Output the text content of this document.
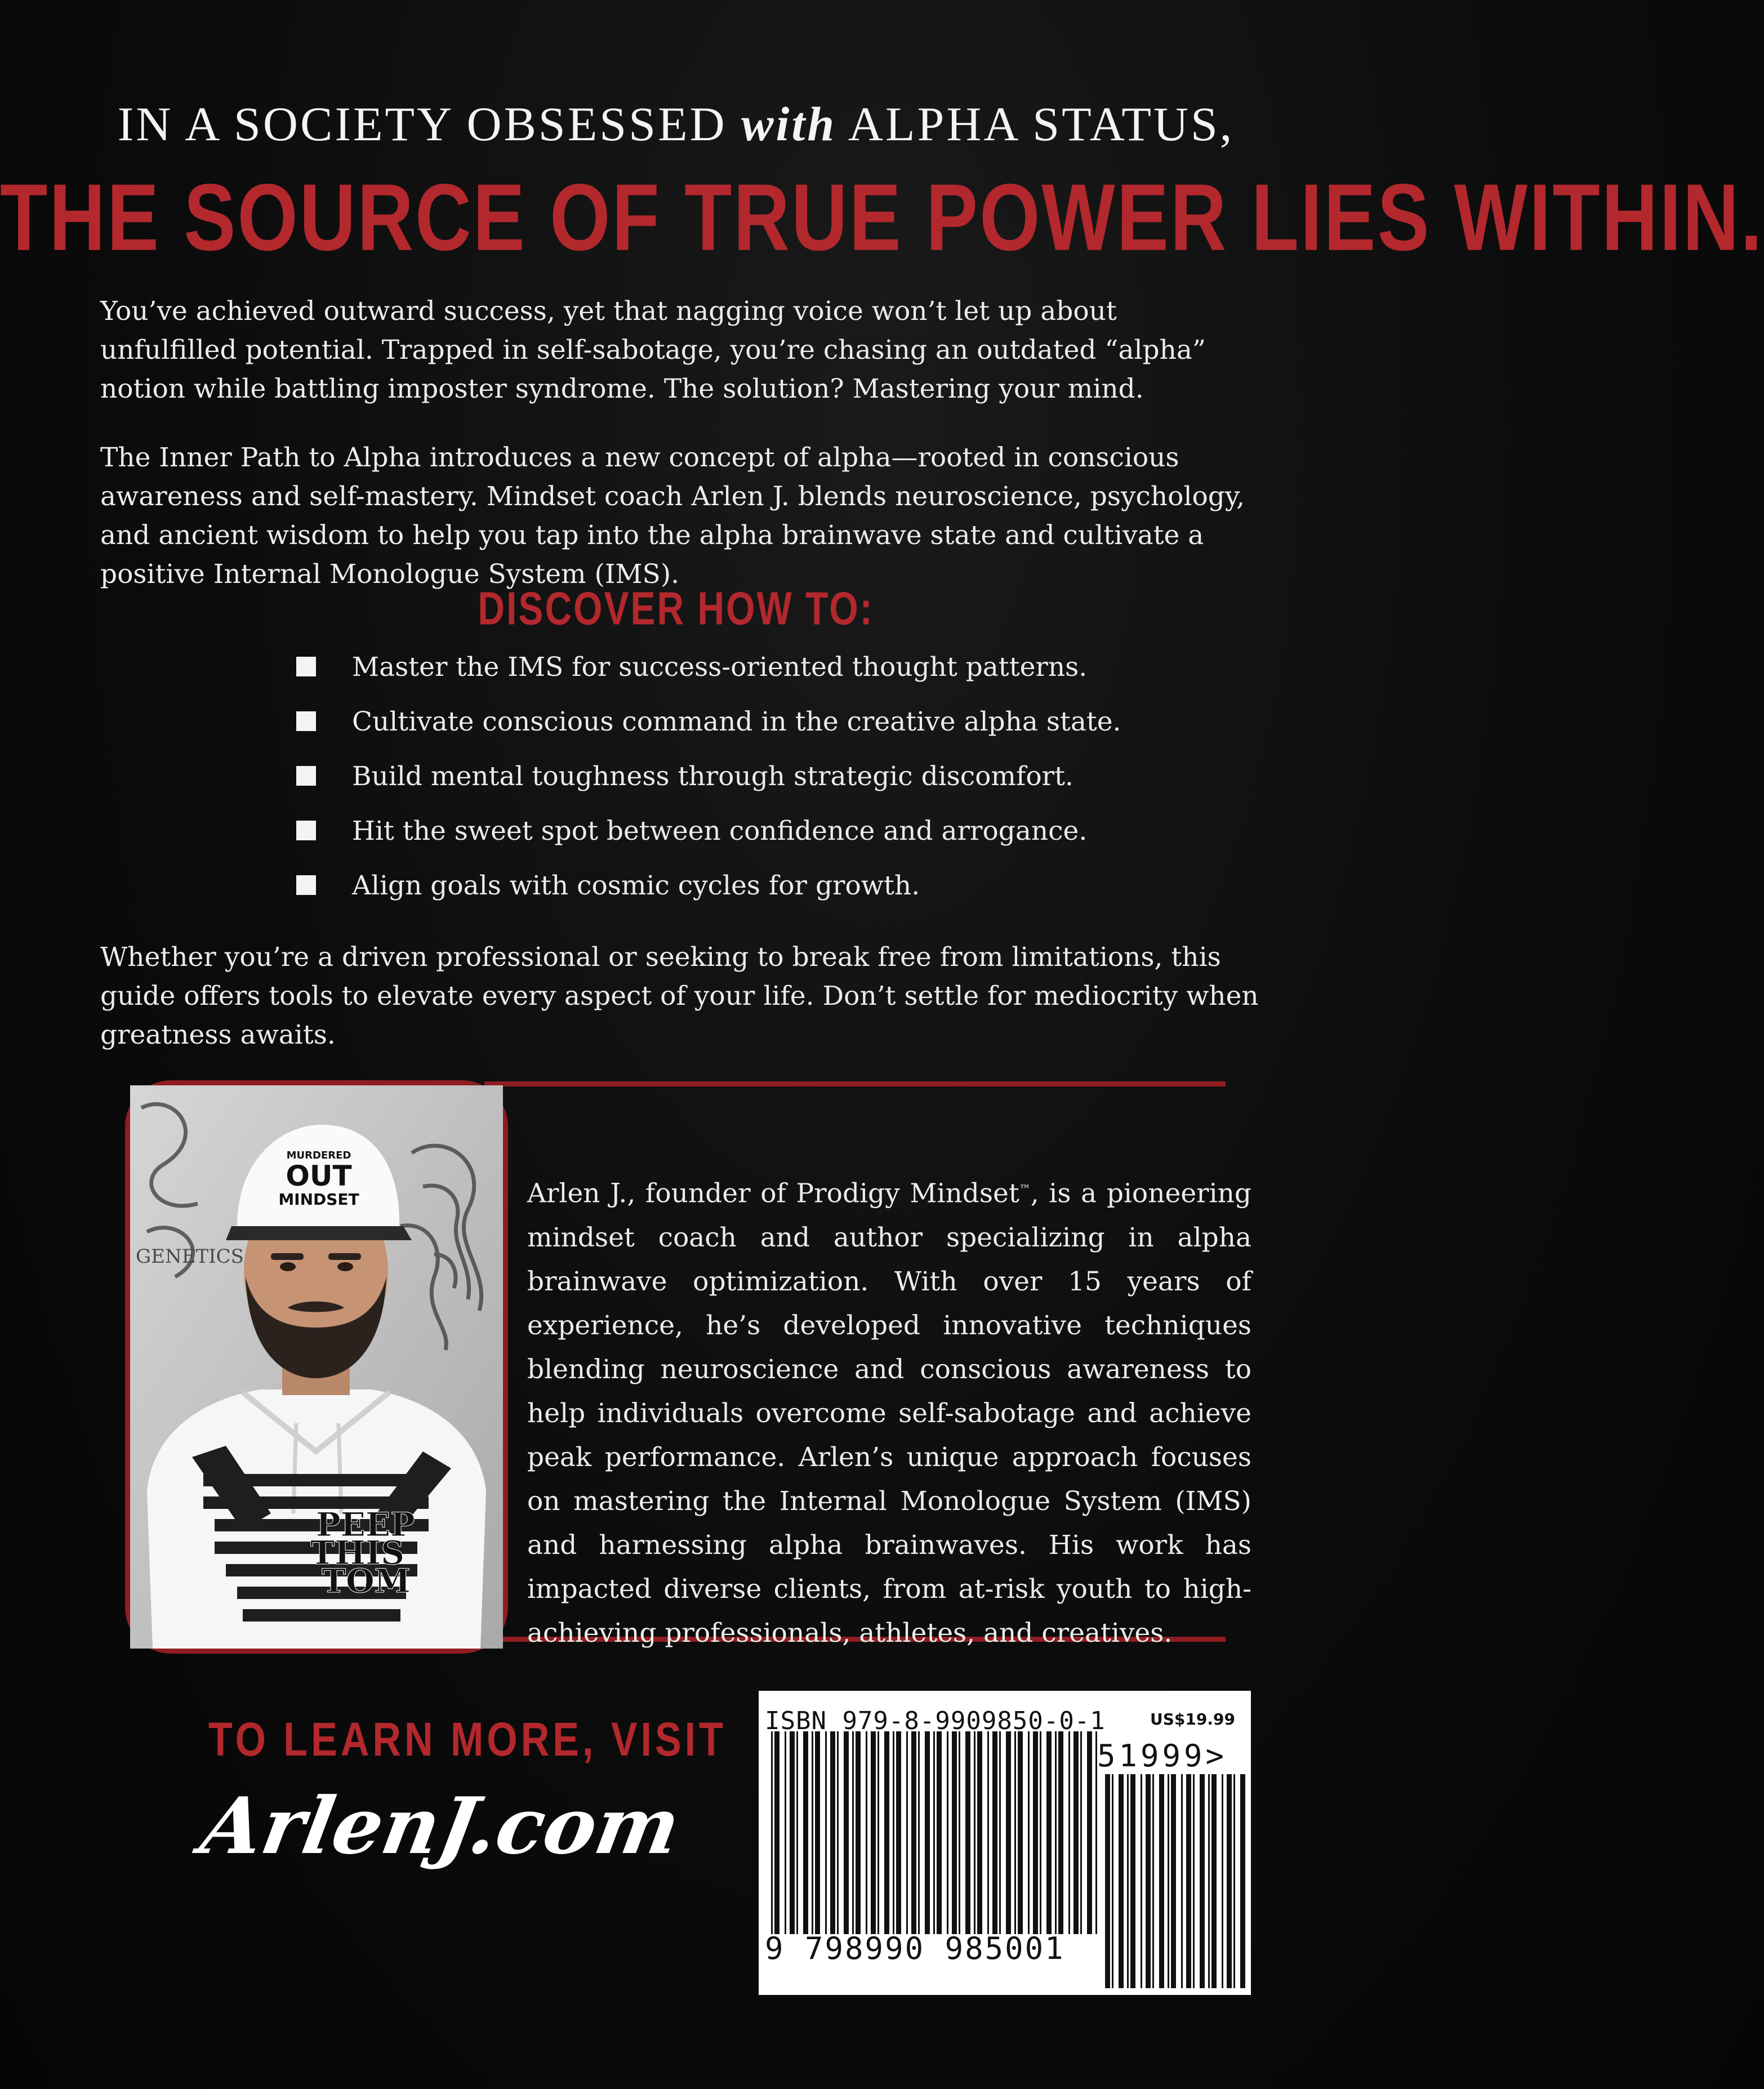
IN A SOCIETY OBSESSED with ALPHA STATUS,
THE SOURCE OF TRUE POWER LIES WITHIN.
You’ve achieved outward success, yet that nagging voice won’t let up about unfulfilled potential. Trapped in self-sabotage, you’re chasing an outdated “alpha” notion while battling imposter syndrome. The solution? Mastering your mind.
The Inner Path to Alpha introduces a new concept of alpha—rooted in conscious awareness and self-mastery. Mindset coach Arlen J. blends neuroscience, psychology, and ancient wisdom to help you tap into the alpha brainwave state and cultivate a positive Internal Monologue System (IMS).
DISCOVER HOW TO:
Master the IMS for success-oriented thought patterns.
Cultivate conscious command in the creative alpha state.
Build mental toughness through strategic discomfort.
Hit the sweet spot between confidence and arrogance.
Align goals with cosmic cycles for growth.
Whether you’re a driven professional or seeking to break free from limitations, this guide offers tools to elevate every aspect of your life. Don’t settle for mediocrity when greatness awaits.
GENETICS
PEEP
THIS
TOM
MURDERED
OUT
MINDSET	Arlen J., founder of Prodigy Mindset™, is a pioneering mindset coach and author specializing in alpha brainwave optimization. With over 15 years of experience, he’s developed innovative techniques blending neuroscience and conscious awareness to help individuals overcome self-sabotage and achieve peak performance. Arlen’s unique approach focuses on mastering the Internal Monologue System (IMS) and harnessing alpha brainwaves. His work has impacted diverse clients, from at-risk youth to high-achieving professionals, athletes, and creatives.
TO LEARN MORE, VISIT
ArlenJ.com
ISBN 979-8-9909850-0-1	US$19.99
51999>
9 798990 985001
